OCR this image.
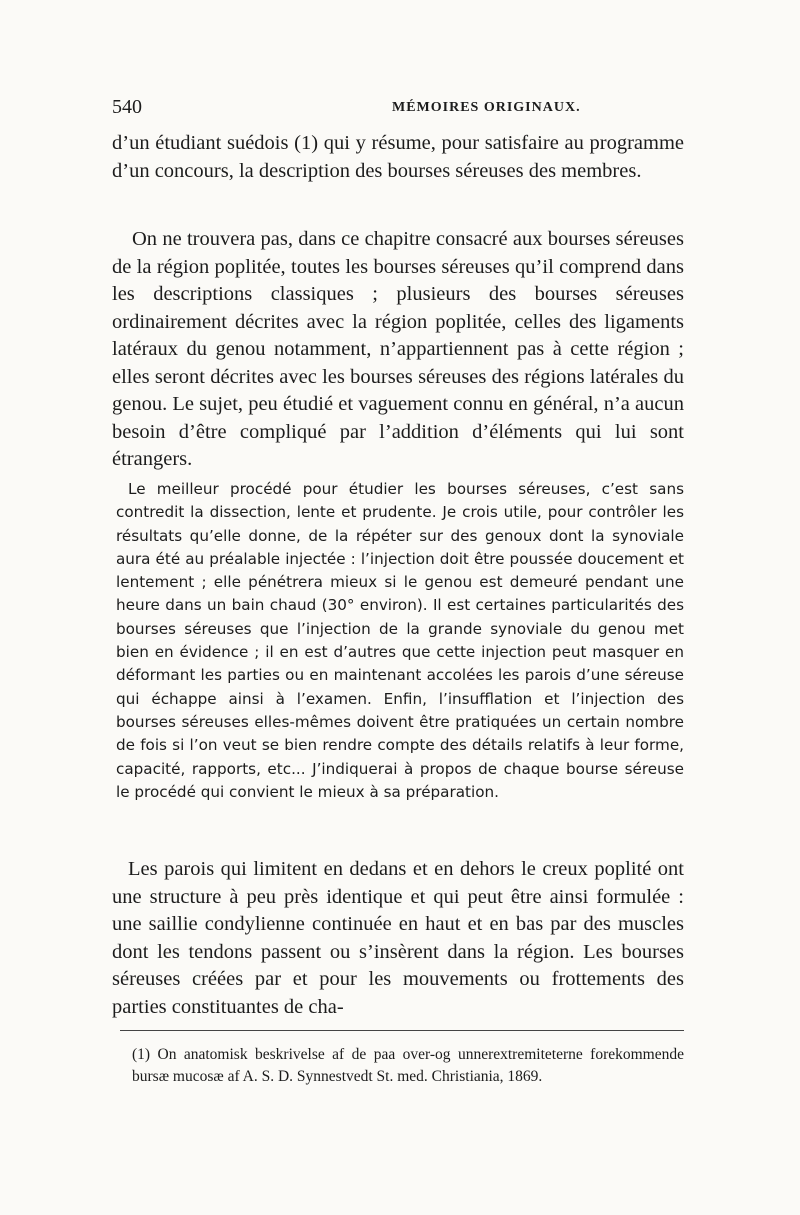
540	MÉMOIRES ORIGINAUX.

d’un étudiant suédois (1) qui y résume, pour satisfaire au programme d’un concours, la description des bourses séreuses des membres.

On ne trouvera pas, dans ce chapitre consacré aux bourses séreuses de la région poplitée, toutes les bourses séreuses qu’il comprend dans les descriptions classiques ; plusieurs des bourses séreuses ordinairement décrites avec la région poplitée, celles des ligaments latéraux du genou notamment, n’appartiennent pas à cette région ; elles seront décrites avec les bourses séreuses des régions latérales du genou. Le sujet, peu étudié et vaguement connu en général, n’a aucun besoin d’être compliqué par l’addition d’éléments qui lui sont étrangers.

Le meilleur procédé pour étudier les bourses séreuses, c’est sans contredit la dissection, lente et prudente. Je crois utile, pour contrôler les résultats qu’elle donne, de la répéter sur des genoux dont la synoviale aura été au préalable injectée : l’injection doit être poussée doucement et lentement ; elle pénétrera mieux si le genou est demeuré pendant une heure dans un bain chaud (30° environ). Il est certaines particularités des bourses séreuses que l’injection de la grande synoviale du genou met bien en évidence ; il en est d’autres que cette injection peut masquer en déformant les parties ou en maintenant accolées les parois d’une séreuse qui échappe ainsi à l’examen. Enfin, l’insufflation et l’injection des bourses séreuses elles-mêmes doivent être pratiquées un certain nombre de fois si l’on veut se bien rendre compte des détails relatifs à leur forme, capacité, rapports, etc... J’indiquerai à propos de chaque bourse séreuse le procédé qui convient le mieux à sa préparation.

Les parois qui limitent en dedans et en dehors le creux poplité ont une structure à peu près identique et qui peut être ainsi formulée : une saillie condylienne continuée en haut et en bas par des muscles dont les tendons passent ou s’insèrent dans la région. Les bourses séreuses créées par et pour les mouvements ou frottements des parties constituantes de cha-

(1) On anatomisk beskrivelse af de paa over-og unnerextremiteterne forekommende bursæ mucosæ af A. S. D. Synnestvedt St. med. Christiania, 1869.
